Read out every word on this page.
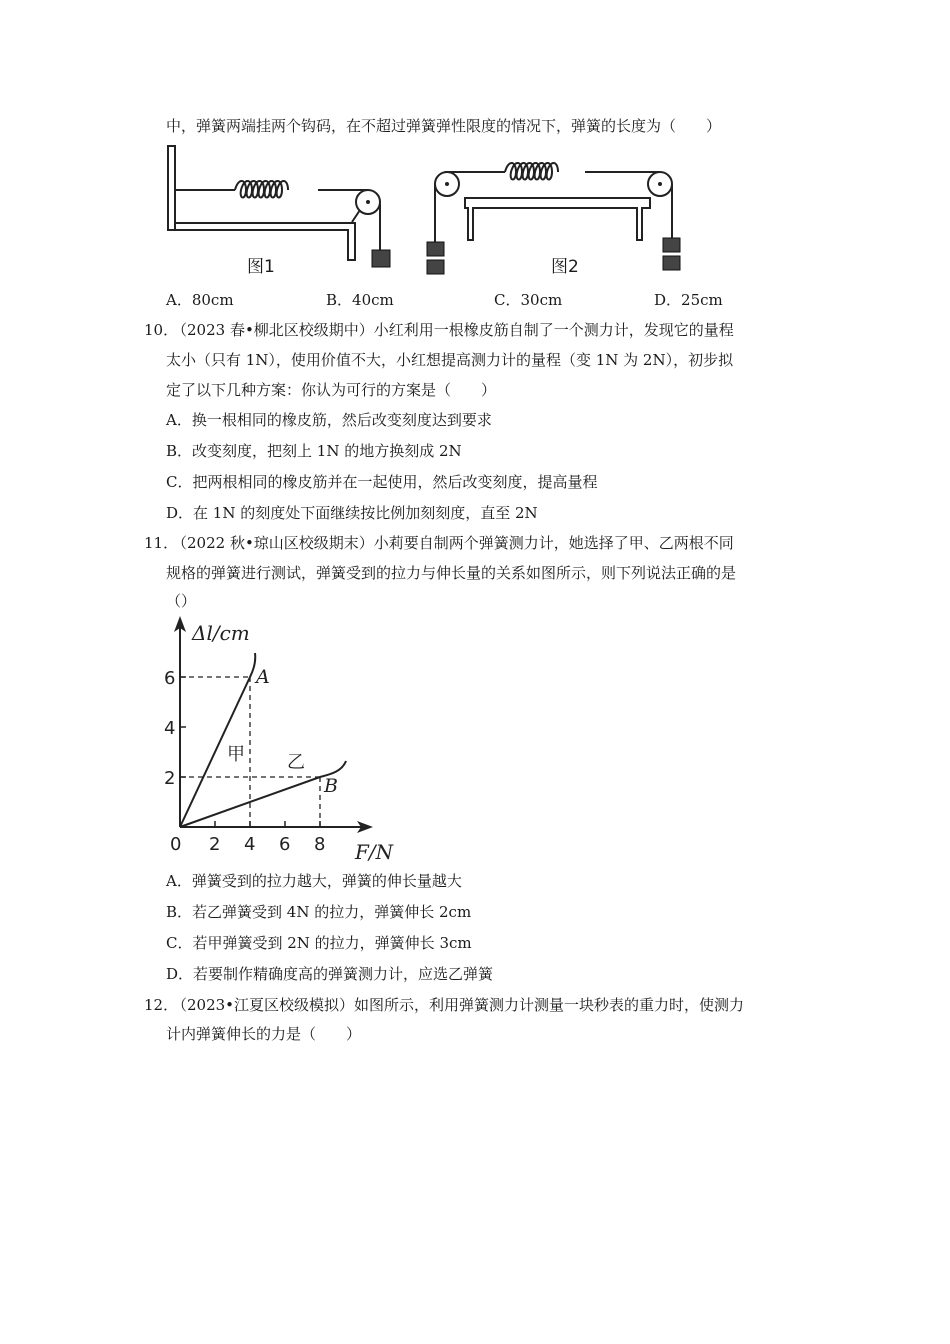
中，弹簧两端挂两个钩码，在不超过弹簧弹性限度的情况下，弹簧的长度为（　　）
图1	图2
A．80cm	B．40cm	C．30cm	D．25cm
10．
（2023 春•柳北区校级期中）小红利用一根橡皮筋自制了一个测力计，发现它的量程
太小（只有 1N），使用价值不大，小红想提高测力计的量程（变 1N 为 2N），初步拟
定了以下几种方案：你认为可行的方案是（　　）
A．换一根相同的橡皮筋，然后改变刻度达到要求
B．改变刻度，把刻上 1N 的地方换刻成 2N
C．把两根相同的橡皮筋并在一起使用，然后改变刻度，提高量程
D．在 1N 的刻度处下面继续按比例加刻刻度，直至 2N
11．
（2022 秋•琼山区校级期末）小莉要自制两个弹簧测力计，她选择了甲、乙两根不同
规格的弹簧进行测试，弹簧受到的拉力与伸长量的关系如图所示，则下列说法正确的是
（）
Δl/cm
F/N
0 2 4 6 8
6
4
2
甲 乙
A
B
A．弹簧受到的拉力越大，弹簧的伸长量越大
B．若乙弹簧受到 4N 的拉力，弹簧伸长 2cm
C．若甲弹簧受到 2N 的拉力，弹簧伸长 3cm
D．若要制作精确度高的弹簧测力计，应选乙弹簧
12．
（2023•江夏区校级模拟）如图所示，利用弹簧测力计测量一块秒表的重力时，使测力
计内弹簧伸长的力是（　　）
